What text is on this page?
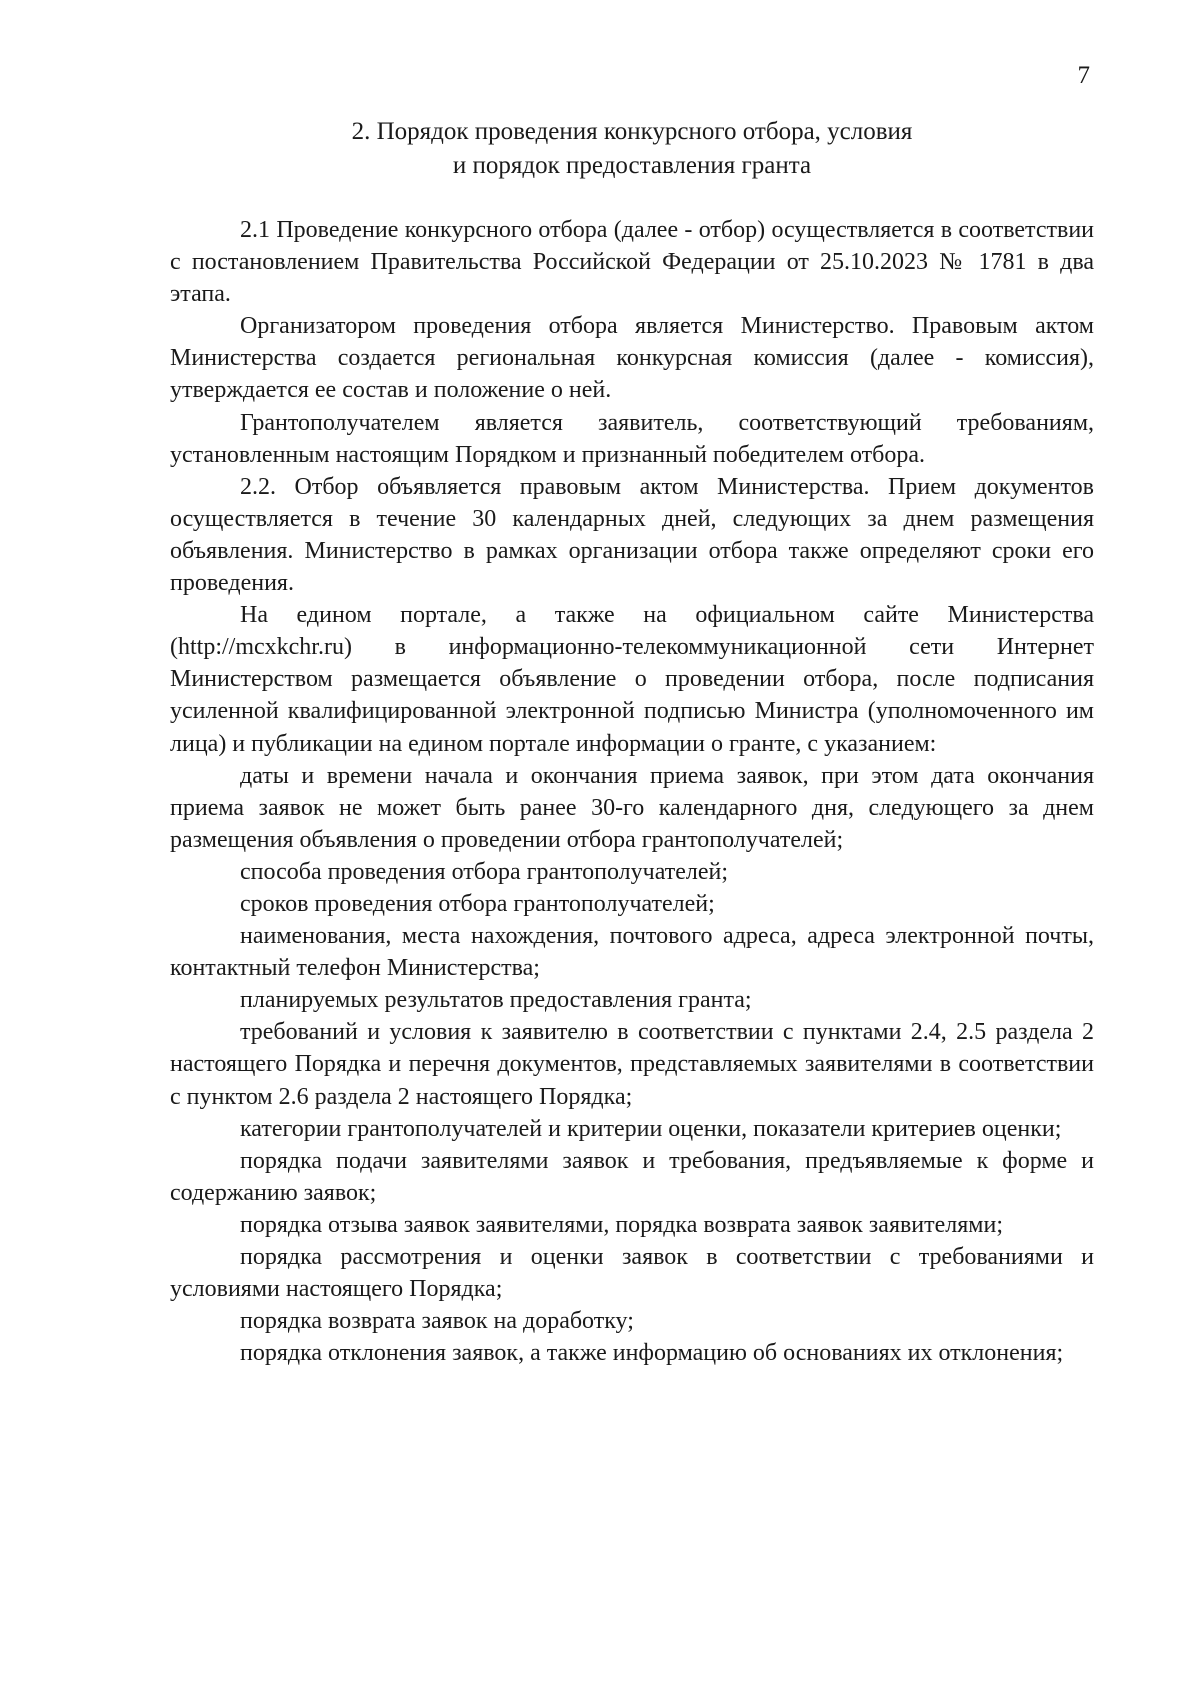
7
2. Порядок проведения конкурсного отбора, условия
и порядок предоставления гранта

2.1 Проведение конкурсного отбора (далее - отбор) осуществляется в соответствии с постановлением Правительства Российской Федерации от 25.10.2023 № 1781 в два этапа.

Организатором проведения отбора является Министерство. Правовым актом Министерства создается региональная конкурсная комиссия (далее - комиссия), утверждается ее состав и положение о ней.

Грантополучателем является заявитель, соответствующий требованиям, установленным настоящим Порядком и признанный победителем отбора.

2.2. Отбор объявляется правовым актом Министерства. Прием документов осуществляется в течение 30 календарных дней, следующих за днем размещения объявления. Министерство в рамках организации отбора также определяют сроки его проведения.

На едином портале, а также на официальном сайте Министерства (http://mcxkchr.ru) в информационно-телекоммуникационной сети Интернет Министерством размещается объявление о проведении отбора, после подписания усиленной квалифицированной электронной подписью Министра (уполномоченного им лица) и публикации на едином портале информации о гранте, с указанием:

даты и времени начала и окончания приема заявок, при этом дата окончания приема заявок не может быть ранее 30-го календарного дня, следующего за днем размещения объявления о проведении отбора грантополучателей;

способа проведения отбора грантополучателей;

сроков проведения отбора грантополучателей;

наименования, места нахождения, почтового адреса, адреса электронной почты, контактный телефон Министерства;

планируемых результатов предоставления гранта;

требований и условия к заявителю в соответствии с пунктами 2.4, 2.5 раздела 2 настоящего Порядка и перечня документов, представляемых заявителями в соответствии с пунктом 2.6 раздела 2 настоящего Порядка;

категории грантополучателей и критерии оценки, показатели критериев оценки;

порядка подачи заявителями заявок и требования, предъявляемые к форме и содержанию заявок;

порядка отзыва заявок заявителями, порядка возврата заявок заявителями;

порядка рассмотрения и оценки заявок в соответствии с требованиями и условиями настоящего Порядка;

порядка возврата заявок на доработку;

порядка отклонения заявок, а также информацию об основаниях их отклонения;
